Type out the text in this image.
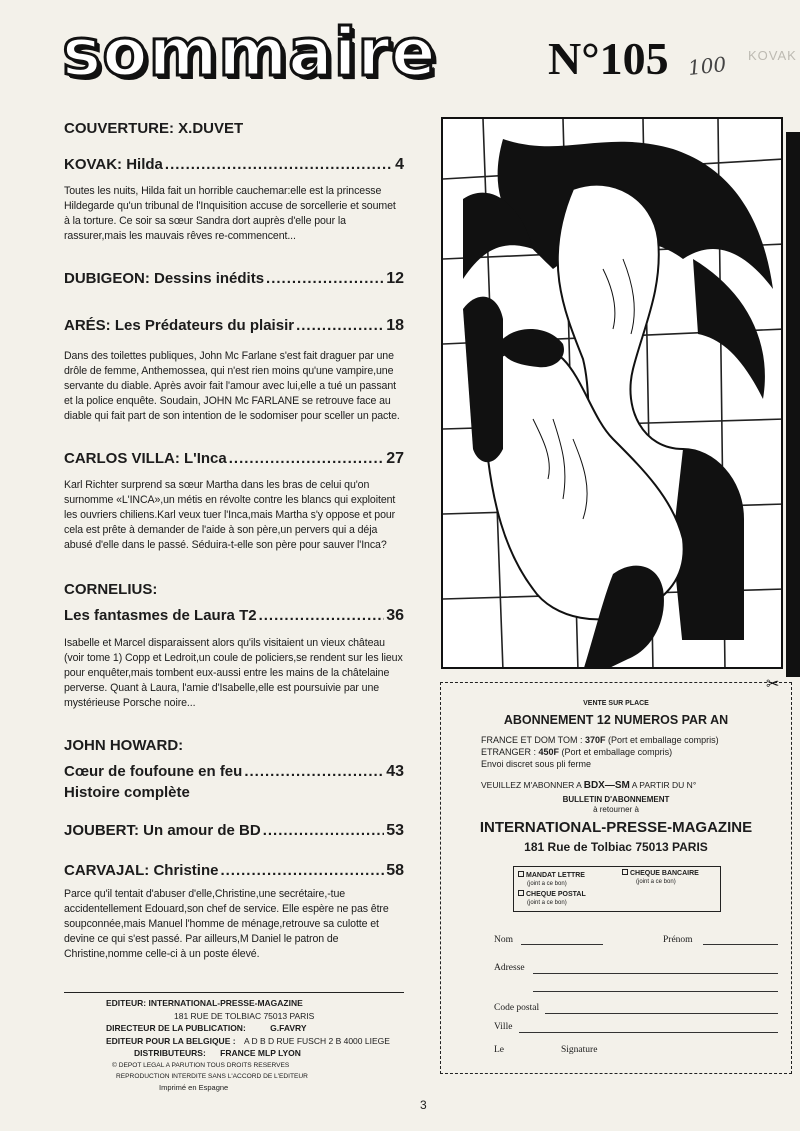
sommaire N°105 100 KOVAK
COUVERTURE: X.DUVET
KOVAK: Hilda .....	4
Toutes les nuits, Hilda fait un horrible cauchemar:elle est la princesse Hildegarde qu'un tribunal de l'Inquisition accuse de sorcellerie et soumet à la torture. Ce soir sa sœur Sandra dort auprès d'elle pour la rassurer,mais les mauvais rêves re-commencent...
DUBIGEON: Dessins inédits .....	12
ARÉS: Les Prédateurs du plaisir .....	18
Dans des toilettes publiques, John Mc Farlane s'est fait draguer par une drôle de femme, Anthemossea, qui n'est rien moins qu'une vampire,une servante du diable. Après avoir fait l'amour avec lui,elle a tué un passant et la police enquête. Soudain, JOHN Mc FARLANE se retrouve face au diable qui fait part de son intention de le sodomiser pour sceller un pacte.
CARLOS VILLA: L'Inca .....	27
Karl Richter surprend sa sœur Martha dans les bras de celui qu'on surnomme «L'INCA»,un métis en révolte contre les blancs qui exploitent les ouvriers chiliens.Karl veux tuer l'Inca,mais Martha s'y oppose et pour cela est prête à demander de l'aide à son père,un pervers qui a déja abusé d'elle dans le passé. Séduira-t-elle son père pour sauver l'Inca?
CORNELIUS:
Les fantasmes de Laura T2 .....	36
Isabelle et Marcel disparaissent alors qu'ils visitaient un vieux château (voir tome 1) Copp et Ledroit,un coule de policiers,se rendent sur les lieux pour enquêter,mais tombent eux-aussi entre les mains de la châtelaine perverse. Quant à Laura, l'amie d'Isabelle,elle est poursuivie par une mystérieuse Porsche noire...
JOHN HOWARD:
Cœur de foufoune en feu .....	43
Histoire complète
JOUBERT: Un amour de BD .....	53
CARVAJAL: Christine .....	58
Parce qu'il tentait d'abuser d'elle,Christine,une secrétaire,-tue accidentellement Edouard,son chef de service. Elle espère ne pas être soupconnée,mais Manuel l'homme de ménage,retrouve sa culotte et devine ce qui s'est passé. Par ailleurs,M Daniel le patron de Christine,nomme celle-ci à un poste élevé.
EDITEUR: INTERNATIONAL-PRESSE-MAGAZINE
181 RUE DE TOLBIAC 75013 PARIS
DIRECTEUR DE LA PUBLICATION:	G.FAVRY
EDITEUR POUR LA BELGIQUE : A D B D RUE FUSCH 2 B 4000 LIEGE
DISTRIBUTEURS: FRANCE MLP LYON
© DEPOT LEGAL A PARUTION TOUS DROITS RESERVES
REPRODUCTION INTERDITE SANS L'ACCORD DE L'EDITEUR
Imprimé en Espagne
3
✂
VENTE SUR PLACE
ABONNEMENT 12 NUMEROS PAR AN
FRANCE ET DOM TOM : 370F (Port et emballage compris)
ETRANGER : 450F (Port et emballage compris)
Envoi discret sous pli ferme
VEUILLEZ M'ABONNER A BDX—SM A PARTIR DU N°
BULLETIN D'ABONNEMENT
à retourner à
INTERNATIONAL-PRESSE-MAGAZINE
181 Rue de Tolbiac 75013 PARIS
MANDAT LETTRE
(joint a ce bon)
CHEQUE BANCAIRE
(joint a ce bon)
CHEQUE POSTAL
(joint a ce bon)
Nom	Prénom
Adresse
Code postal
Ville
Le	Signature
